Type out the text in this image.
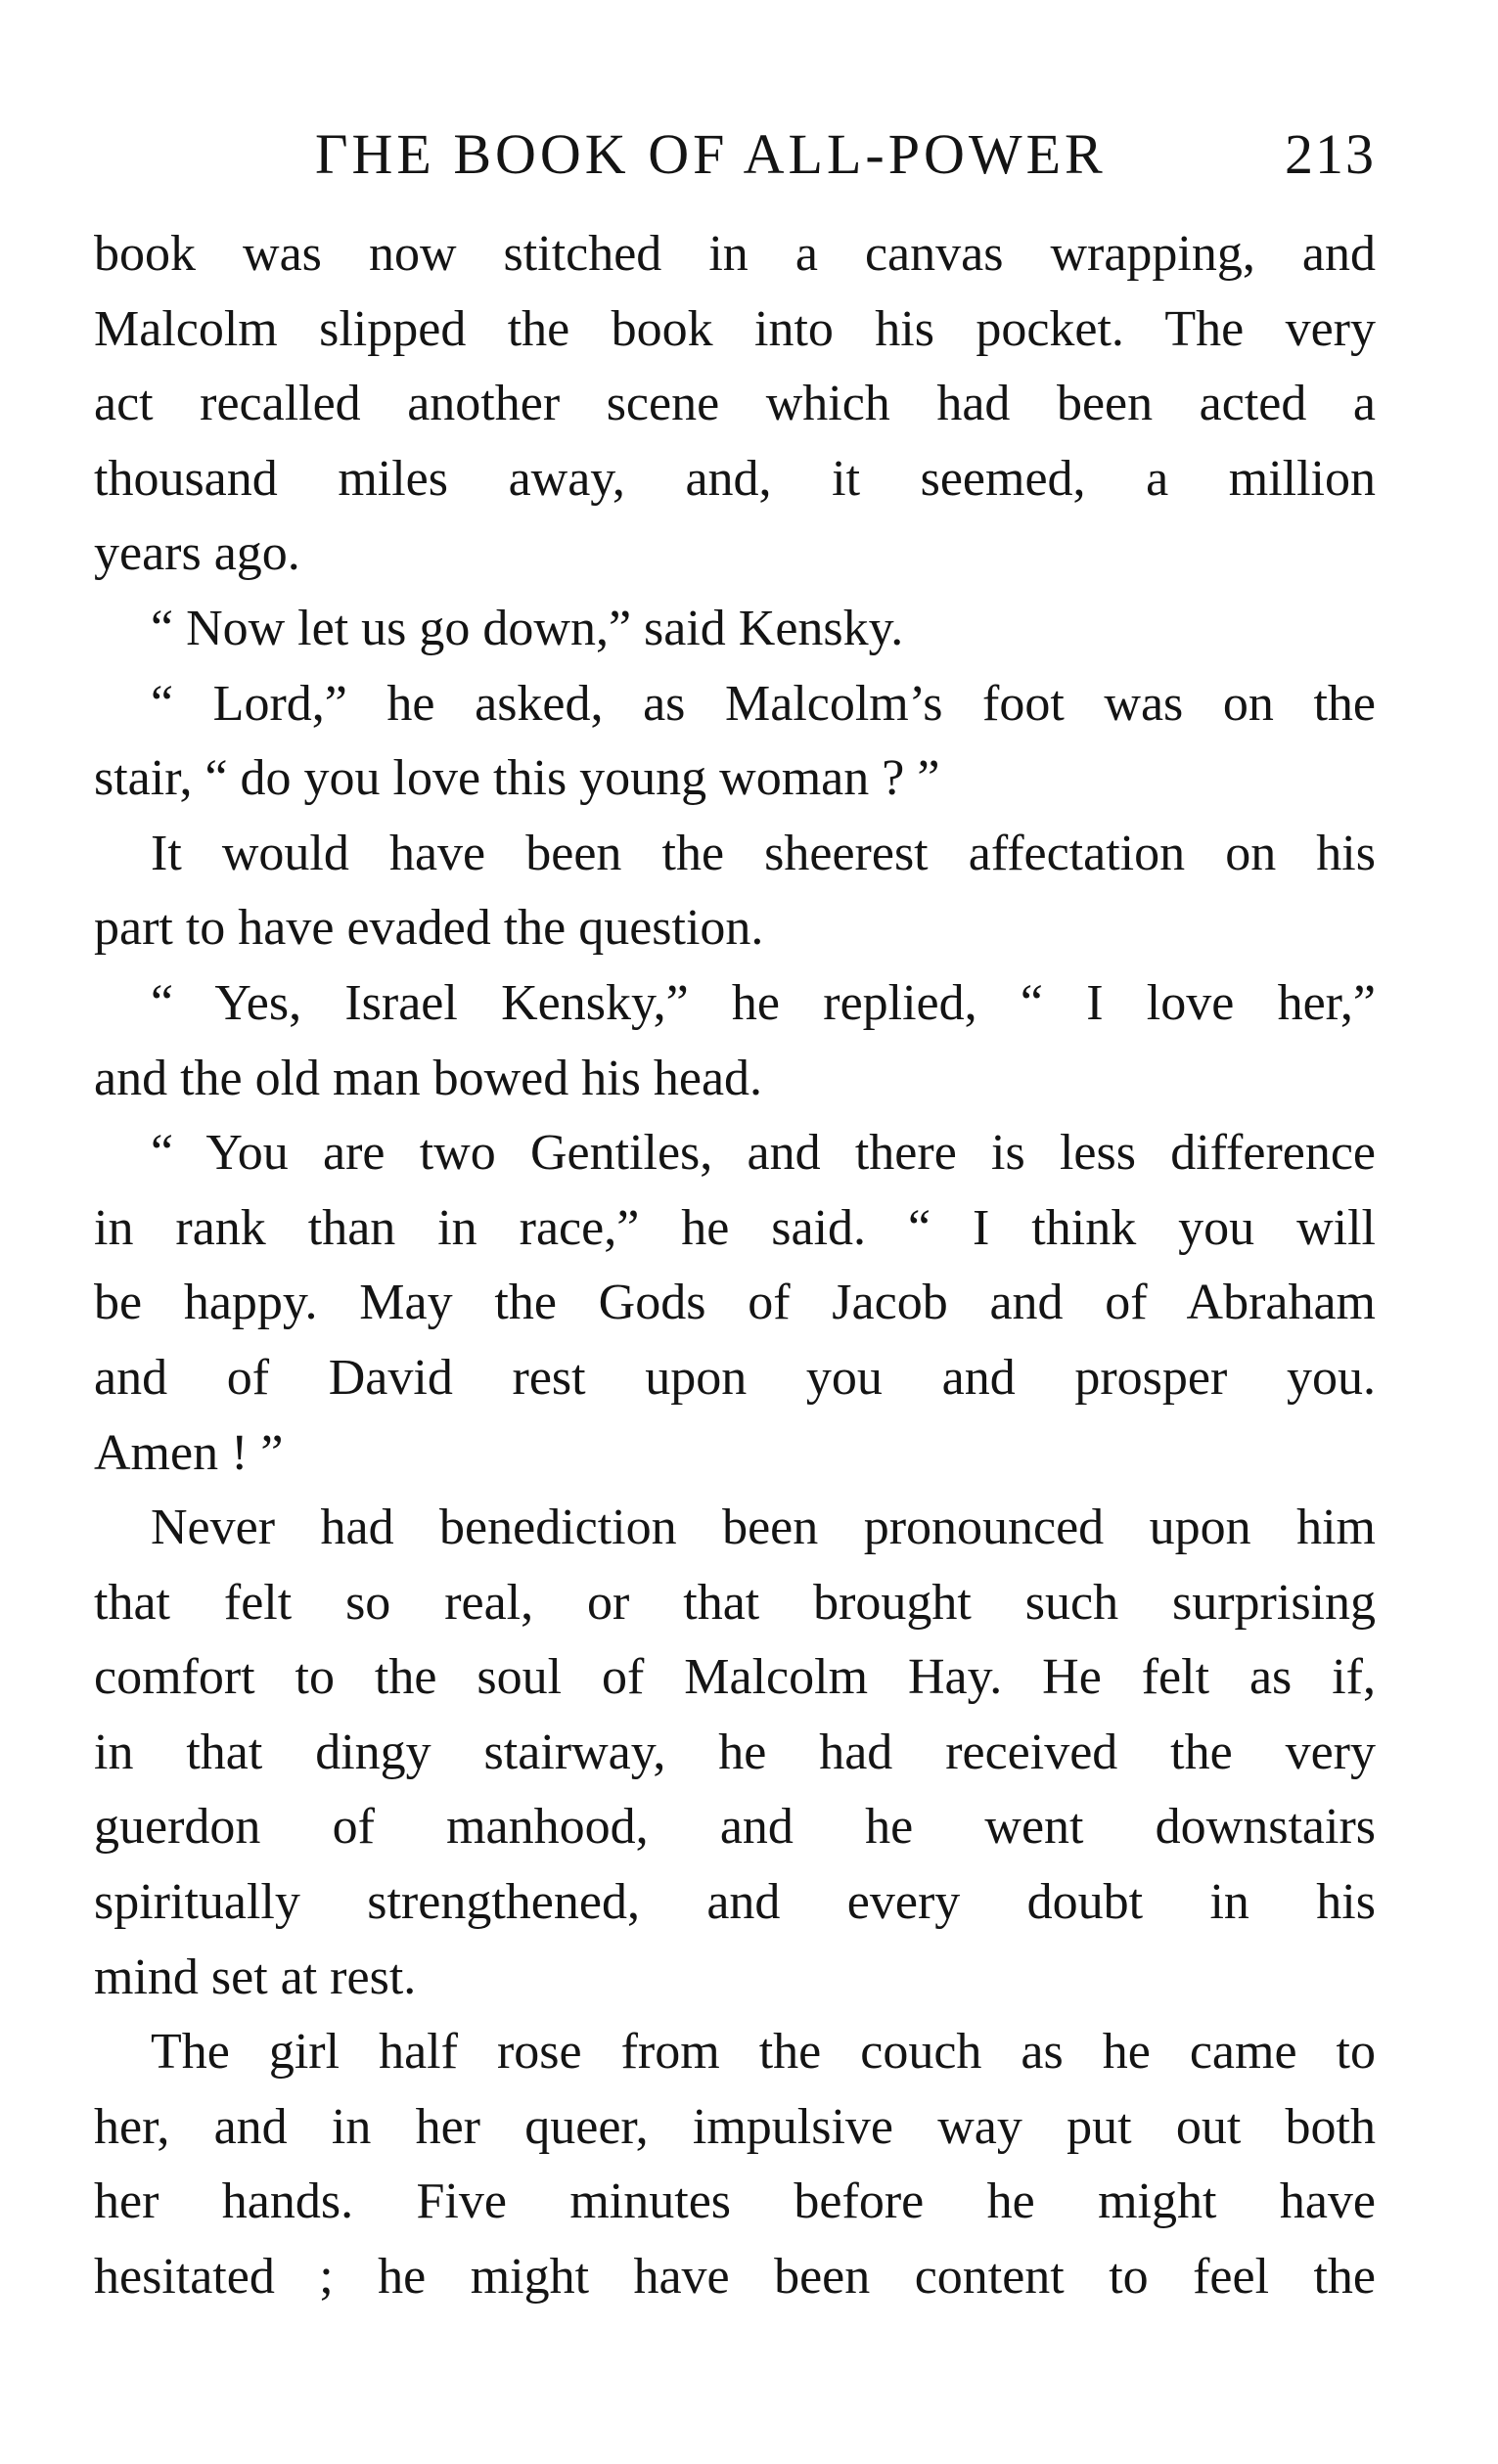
ΓHE BOOK OF ALL-POWER	213
book was now stitched in a canvas wrapping, and
Malcolm slipped the book into his pocket. The very
act recalled another scene which had been acted a
thousand miles away, and, it seemed, a million
years ago.
“ Now let us go down,” said Kensky.
“ Lord,” he asked, as Malcolm’s foot was on the
stair, “ do you love this young woman ? ”
It would have been the sheerest affectation on his
part to have evaded the question.
“ Yes, Israel Kensky,” he replied, “ I love her,”
and the old man bowed his head.
“ You are two Gentiles, and there is less difference
in rank than in race,” he said. “ I think you will
be happy. May the Gods of Jacob and of Abraham
and of David rest upon you and prosper you.
Amen ! ”
Never had benediction been pronounced upon him
that felt so real, or that brought such surprising
comfort to the soul of Malcolm Hay. He felt as if,
in that dingy stairway, he had received the very
guerdon of manhood, and he went downstairs
spiritually strengthened, and every doubt in his
mind set at rest.
The girl half rose from the couch as he came to
her, and in her queer, impulsive way put out both
her hands. Five minutes before he might have
hesitated ; he might have been content to feel the
